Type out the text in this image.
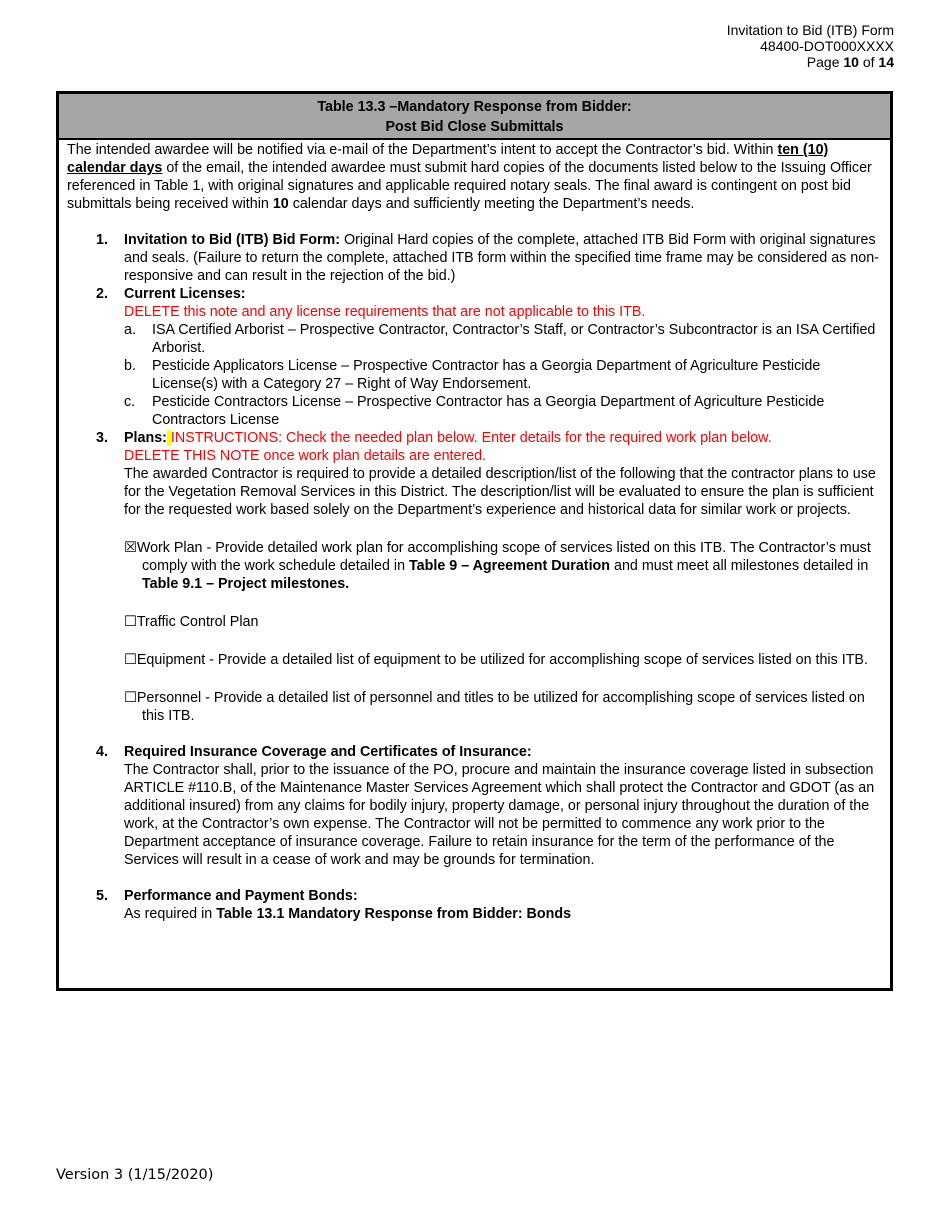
Invitation to Bid (ITB) Form
48400-DOT000XXXX
Page 10 of 14
Table 13.3 –Mandatory Response from Bidder:
Post Bid Close Submittals

The intended awardee will be notified via e-mail of the Department’s intent to accept the Contractor’s bid. Within ten (10) calendar days of the email, the intended awardee must submit hard copies of the documents listed below to the Issuing Officer referenced in Table 1, with original signatures and applicable required notary seals. The final award is contingent on post bid submittals being received within 10 calendar days and sufficiently meeting the Department’s needs.

1. Invitation to Bid (ITB) Bid Form: Original Hard copies of the complete, attached ITB Bid Form with original signatures and seals. (Failure to return the complete, attached ITB form within the specified time frame may be considered as non-responsive and can result in the rejection of the bid.)
2. Current Licenses:
DELETE this note and any license requirements that are not applicable to this ITB.
a. ISA Certified Arborist – Prospective Contractor, Contractor’s Staff, or Contractor’s Subcontractor is an ISA Certified Arborist.
b. Pesticide Applicators License – Prospective Contractor has a Georgia Department of Agriculture Pesticide License(s) with a Category 27 – Right of Way Endorsement.
c. Pesticide Contractors License – Prospective Contractor has a Georgia Department of Agriculture Pesticide Contractors License
3. Plans: INSTRUCTIONS: Check the needed plan below. Enter details for the required work plan below.
DELETE THIS NOTE once work plan details are entered.

The awarded Contractor is required to provide a detailed description/list of the following that the contractor plans to use for the Vegetation Removal Services in this District. The description/list will be evaluated to ensure the plan is sufficient for the requested work based solely on the Department’s experience and historical data for similar work or projects.

☒Work Plan - Provide detailed work plan for accomplishing scope of services listed on this ITB. The Contractor’s must comply with the work schedule detailed in Table 9 – Agreement Duration and must meet all milestones detailed in Table 9.1 – Project milestones.

☐Traffic Control Plan

☐Equipment - Provide a detailed list of equipment to be utilized for accomplishing scope of services listed on this ITB.

☐Personnel - Provide a detailed list of personnel and titles to be utilized for accomplishing scope of services listed on this ITB.

4. Required Insurance Coverage and Certificates of Insurance:

The Contractor shall, prior to the issuance of the PO, procure and maintain the insurance coverage listed in subsection ARTICLE #110.B, of the Maintenance Master Services Agreement which shall protect the Contractor and GDOT (as an additional insured) from any claims for bodily injury, property damage, or personal injury throughout the duration of the work, at the Contractor’s own expense. The Contractor will not be permitted to commence any work prior to the Department acceptance of insurance coverage. Failure to retain insurance for the term of the performance of the Services will result in a cease of work and may be grounds for termination.

5. Performance and Payment Bonds:
As required in Table 13.1 Mandatory Response from Bidder: Bonds
Version 3 (1/15/2020)
